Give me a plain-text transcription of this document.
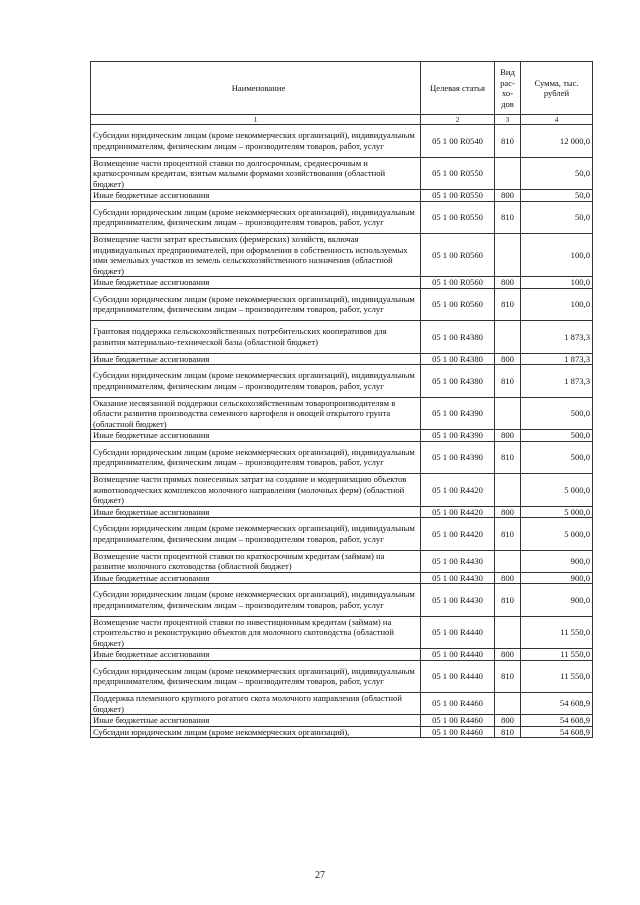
Наименование	Целевая статья	Вид рас-хо-дов	Сумма, тыс. рублей
1	2	3	4
Субсидии юридическим лицам (кроме некоммерческих организаций), индивидуальным предпринимателям, физическим лицам – производителям товаров, работ, услуг	05 1 00 R0540	810	12 000,0
Возмещение части процентной ставки по долгосрочным, среднесрочным и краткосрочным кредитам, взятым малыми формами хозяйствования (областной бюджет)	05 1 00 R0550		50,0
Иные бюджетные ассигнования	05 1 00 R0550	800	50,0
Субсидии юридическим лицам (кроме некоммерческих организаций), индивидуальным предпринимателям, физическим лицам – производителям товаров, работ, услуг	05 1 00 R0550	810	50,0
Возмещение части затрат крестьянских (фермерских) хозяйств, включая индивидуальных предпринимателей, при оформлении в собственность используемых ими земельных участков из земель сельскохозяйственного назначения (областной бюджет)	05 1 00 R0560		100,0
Иные бюджетные ассигнования	05 1 00 R0560	800	100,0
Субсидии юридическим лицам (кроме некоммерческих организаций), индивидуальным предпринимателям, физическим лицам – производителям товаров, работ, услуг	05 1 00 R0560	810	100,0
Грантовая поддержка сельскохозяйственных потребительских кооперативов для развития материально-технической базы (областной бюджет)	05 1 00 R4380		1 873,3
Иные бюджетные ассигнования	05 1 00 R4380	800	1 873,3
Субсидии юридическим лицам (кроме некоммерческих организаций), индивидуальным предпринимателям, физическим лицам – производителям товаров, работ, услуг	05 1 00 R4380	810	1 873,3
Оказание несвязанной поддержки сельскохозяйственным товаропроизводителям в области развития производства семенного картофеля и овощей открытого грунта (областной бюджет)	05 1 00 R4390		500,0
Иные бюджетные ассигнования	05 1 00 R4390	800	500,0
Субсидии юридическим лицам (кроме некоммерческих организаций), индивидуальным предпринимателям, физическим лицам – производителям товаров, работ, услуг	05 1 00 R4390	810	500,0
Возмещение части прямых понесенных затрат на создание и модернизацию объектов животноводческих комплексов молочного направления (молочных ферм) (областной бюджет)	05 1 00 R4420		5 000,0
Иные бюджетные ассигнования	05 1 00 R4420	800	5 000,0
Субсидии юридическим лицам (кроме некоммерческих организаций), индивидуальным предпринимателям, физическим лицам – производителям товаров, работ, услуг	05 1 00 R4420	810	5 000,0
Возмещение части процентной ставки по краткосрочным кредитам (займам) на развитие молочного скотоводства (областной бюджет)	05 1 00 R4430		900,0
Иные бюджетные ассигнования	05 1 00 R4430	800	900,0
Субсидии юридическим лицам (кроме некоммерческих организаций), индивидуальным предпринимателям, физическим лицам – производителям товаров, работ, услуг	05 1 00 R4430	810	900,0
Возмещение части процентной ставки по инвестиционным кредитам (займам) на строительство и реконструкцию объектов для молочного скотоводства (областной бюджет)	05 1 00 R4440		11 550,0
Иные бюджетные ассигнования	05 1 00 R4440	800	11 550,0
Субсидии юридическим лицам (кроме некоммерческих организаций), индивидуальным предпринимателям, физическим лицам – производителям товаров, работ, услуг	05 1 00 R4440	810	11 550,0
Поддержка племенного крупного рогатого скота молочного направления (областной бюджет)	05 1 00 R4460		54 608,9
Иные бюджетные ассигнования	05 1 00 R4460	800	54 608,9
Субсидии юридическим лицам (кроме некоммерческих организаций),	05 1 00 R4460	810	54 608,9
27
